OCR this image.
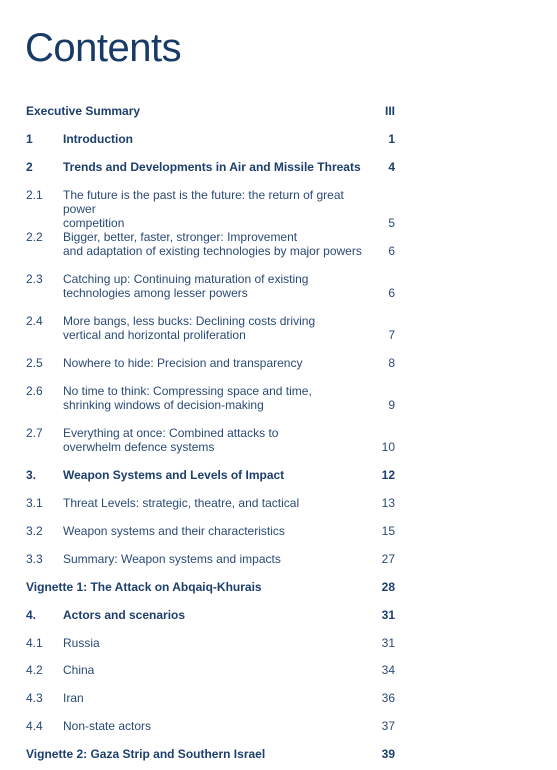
Contents
Executive Summary	III
1	Introduction	1
2	Trends and Developments in Air and Missile Threats	4
2.1 The future is the past is the future: the return of great power
competition	5
2.2 Bigger, better, faster, stronger: Improvement
and adaptation of existing technologies by major powers 6
2.3 Catching up: Continuing maturation of existing
technologies among lesser powers	6
2.4 More bangs, less bucks: Declining costs driving
vertical and horizontal proliferation	7
2.5 Nowhere to hide: Precision and transparency	8
2.6 No time to think: Compressing space and time,
shrinking windows of decision-making	9
2.7 Everything at once: Combined attacks to
overwhelm defence systems	10
3. Weapon Systems and Levels of Impact	12
3.1 Threat Levels: strategic, theatre, and tactical	13
3.2 Weapon systems and their characteristics	15
3.3 Summary: Weapon systems and impacts	27
Vignette 1: The Attack on Abqaiq-Khurais	28
4. Actors and scenarios	31
4.1 Russia	31
4.2 China	34
4.3 Iran	36
4.4 Non-state actors	37
Vignette 2: Gaza Strip and Southern Israel	39
